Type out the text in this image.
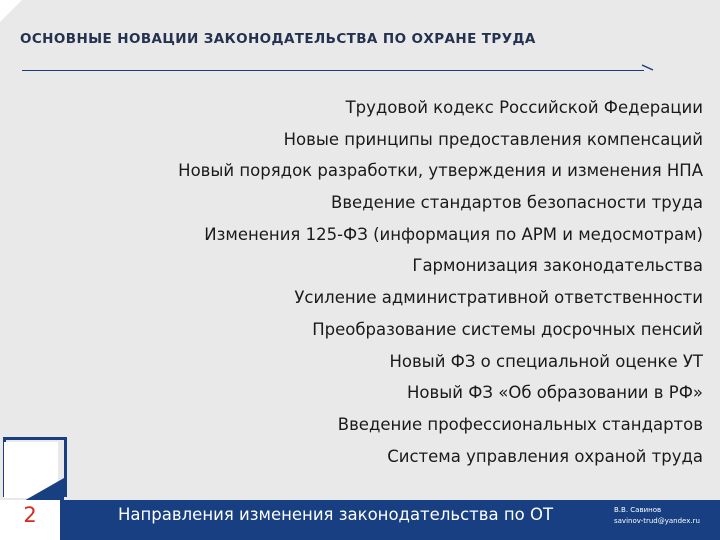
ОСНОВНЫЕ НОВАЦИИ ЗАКОНОДАТЕЛЬСТВА ПО ОХРАНЕ ТРУДА
Трудовой кодекс Российской Федерации
Новые принципы предоставления компенсаций
Новый порядок разработки, утверждения и изменения НПА
Введение стандартов безопасности труда
Изменения 125-ФЗ (информация по АРМ и медосмотрам)
Гармонизация законодательства
Усиление административной ответственности
Преобразование системы досрочных пенсий
Новый ФЗ о специальной оценке УТ
Новый ФЗ «Об образовании в РФ»
Введение профессиональных стандартов
Система управления охраной труда
2	Направления изменения законодательства по ОТ	В.В. Савинов
savinov-trud@yandex.ru
